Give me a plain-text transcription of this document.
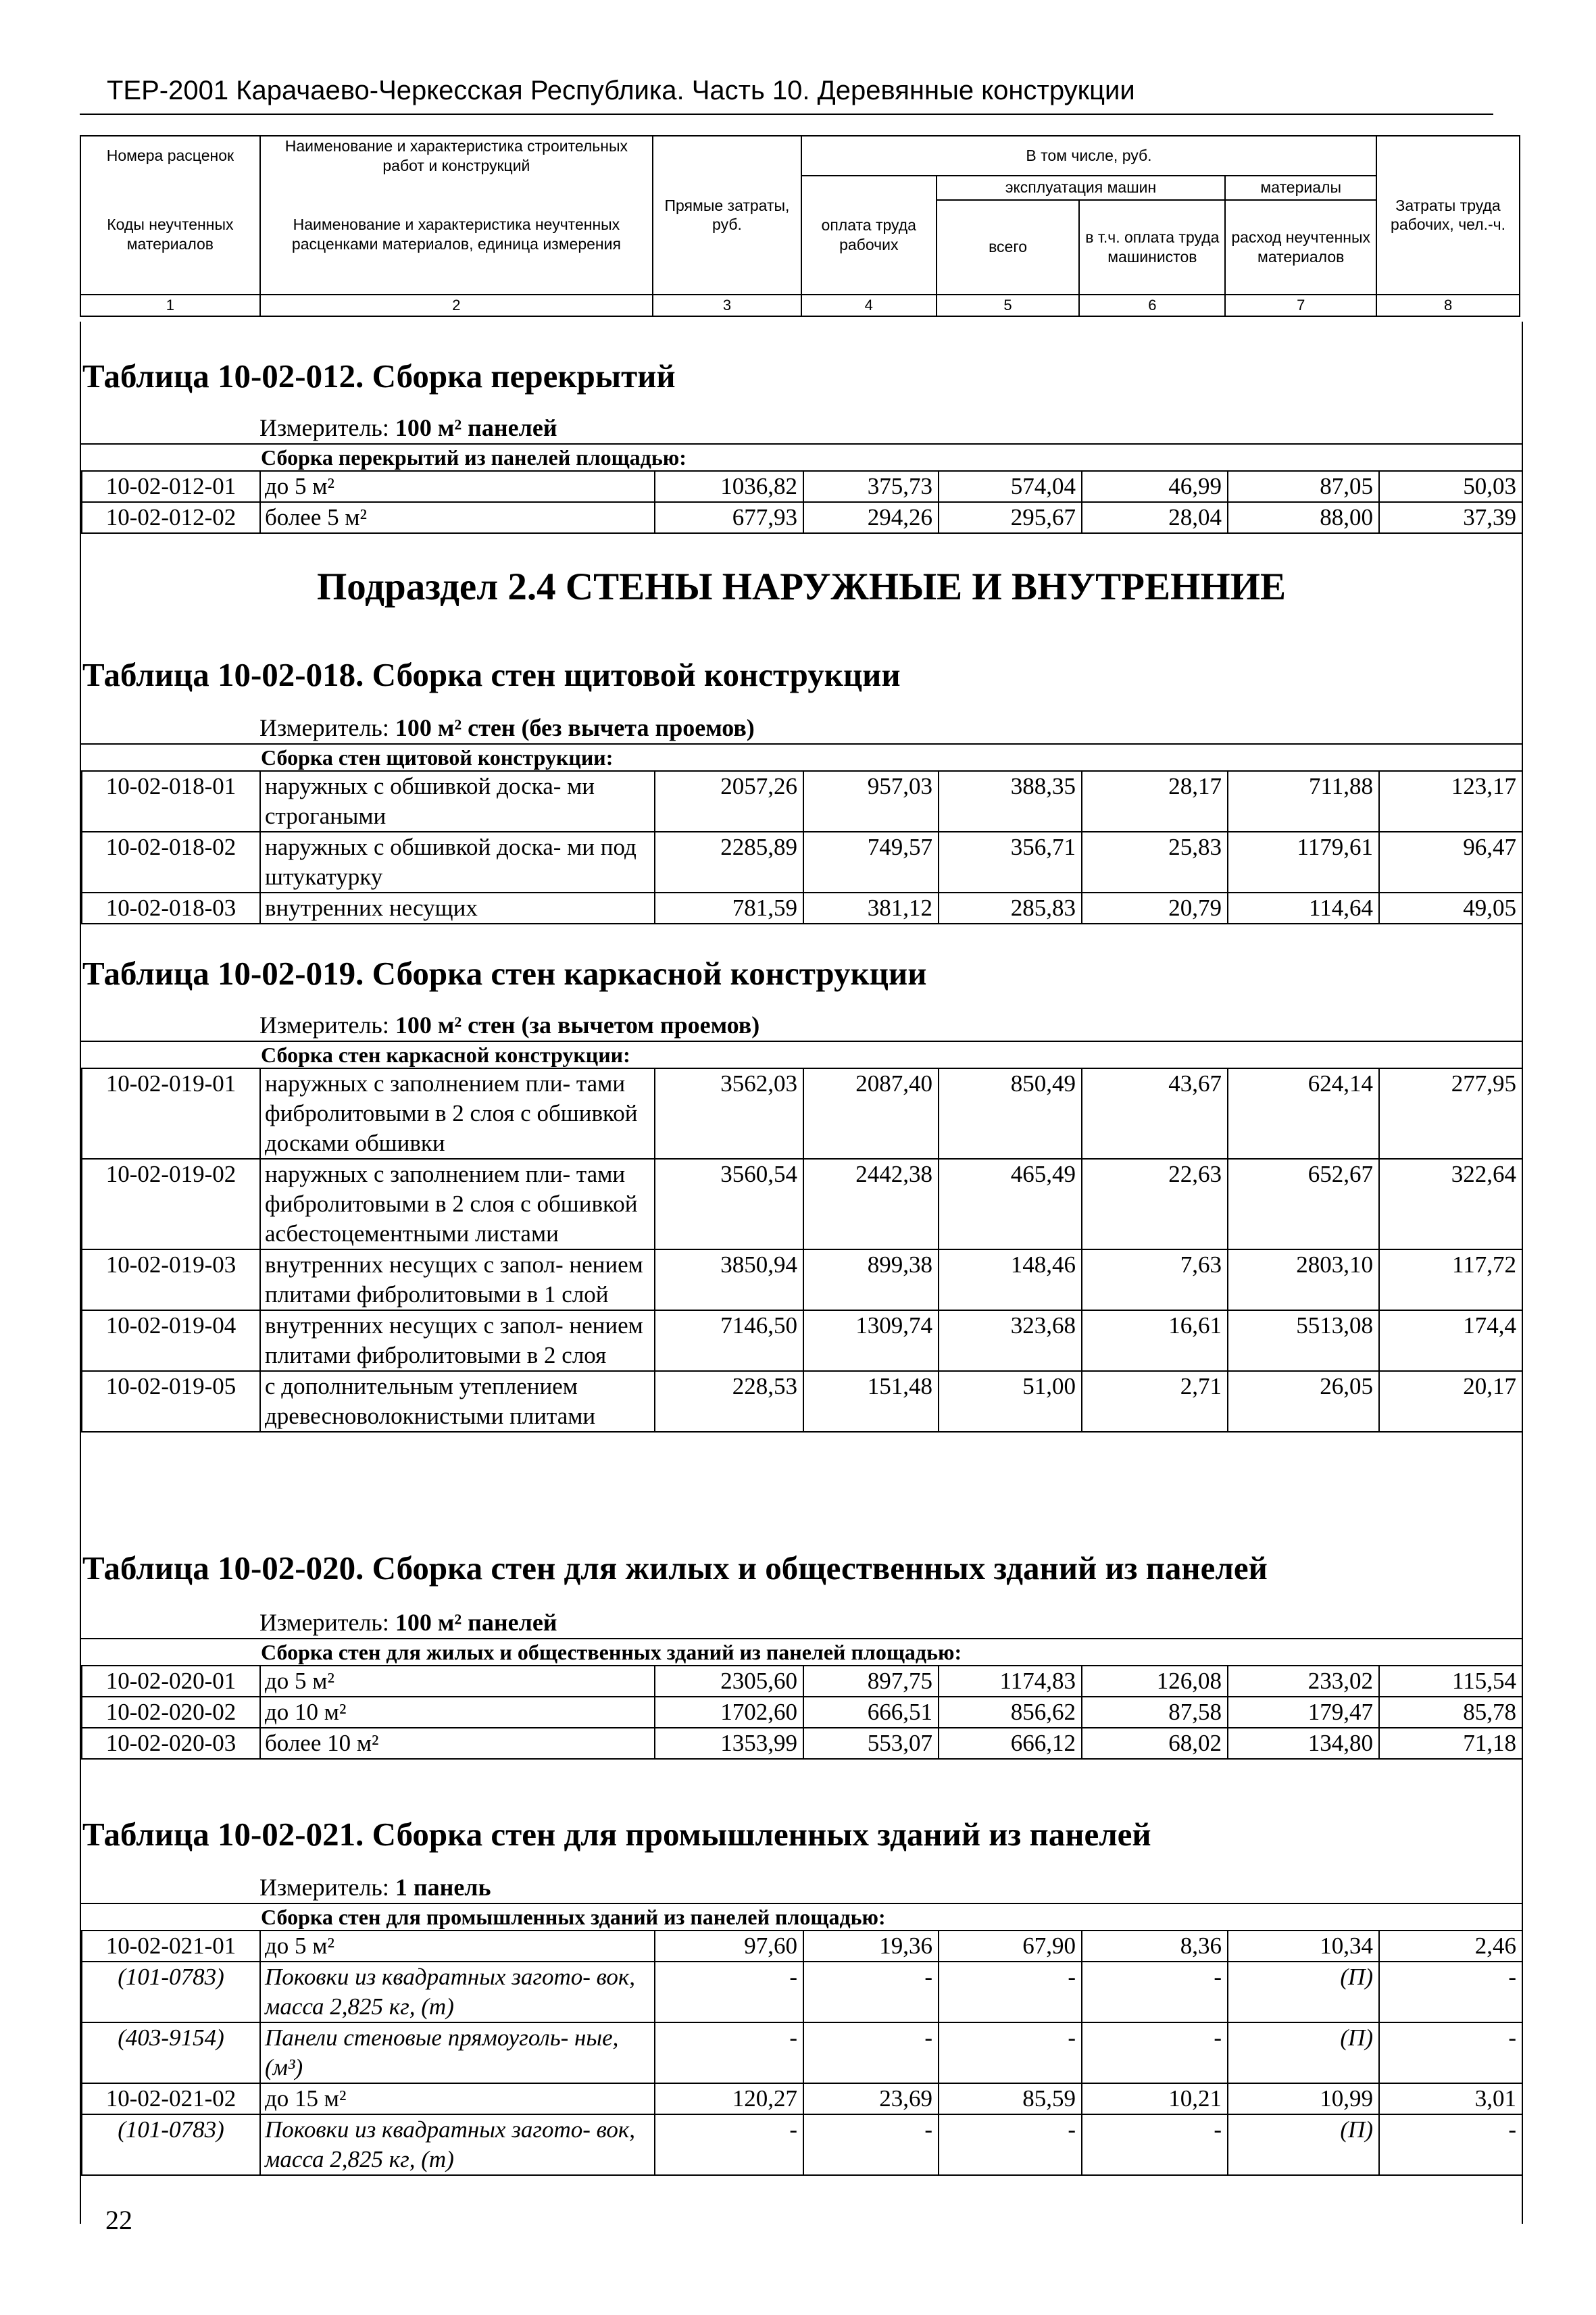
ТЕР-2001 Карачаево-Черкесская Республика. Часть 10. Деревянные конструкции
Номера расценок	Наименование и характеристика строительных работ и конструкций	Прямые затраты, руб.	В том числе, руб.				Затраты труда рабочих, чел.-ч.
Коды неучтенных материалов	Наименование и характеристика неучтенных расценками материалов, единица измерения		оплата труда рабочих	эксплуатация машин		материалы	
				всего	в т.ч. оплата труда машинистов	расход неучтенных материалов	
1	2	3	4	5	6	7	8
Таблица 10-02-012. Сборка перекрытий
Измеритель: 100 м² панелей
Сборка перекрытий из панелей площадью:
10-02-012-01	до 5 м²	1036,82	375,73	574,04	46,99	87,05	50,03
10-02-012-02	более 5 м²	677,93	294,26	295,67	28,04	88,00	37,39
Подраздел 2.4 СТЕНЫ НАРУЖНЫЕ И ВНУТРЕННИЕ
Таблица 10-02-018. Сборка стен щитовой конструкции
Измеритель: 100 м² стен (без вычета проемов)
Сборка стен щитовой конструкции:
10-02-018-01	наружных с обшивкой доска- ми строгаными	2057,26	957,03	388,35	28,17	711,88	123,17
10-02-018-02	наружных с обшивкой доска- ми под штукатурку	2285,89	749,57	356,71	25,83	1179,61	96,47
10-02-018-03	внутренних несущих	781,59	381,12	285,83	20,79	114,64	49,05
Таблица 10-02-019. Сборка стен каркасной конструкции
Измеритель: 100 м² стен (за вычетом проемов)
Сборка стен каркасной конструкции:
10-02-019-01	наружных с заполнением пли- тами фибролитовыми в 2 слоя с обшивкой досками обшивки	3562,03	2087,40	850,49	43,67	624,14	277,95
10-02-019-02	наружных с заполнением пли- тами фибролитовыми в 2 слоя с обшивкой асбестоцементными листами	3560,54	2442,38	465,49	22,63	652,67	322,64
10-02-019-03	внутренних несущих с запол- нением плитами фибролитовыми в 1 слой	3850,94	899,38	148,46	7,63	2803,10	117,72
10-02-019-04	внутренних несущих с запол- нением плитами фибролитовыми в 2 слоя	7146,50	1309,74	323,68	16,61	5513,08	174,4
10-02-019-05	с дополнительным утеплением древесноволокнистыми плитами	228,53	151,48	51,00	2,71	26,05	20,17
Таблица 10-02-020. Сборка стен для жилых и общественных зданий из панелей
Измеритель: 100 м² панелей
Сборка стен для жилых и общественных зданий из панелей площадью:
10-02-020-01	до 5 м²	2305,60	897,75	1174,83	126,08	233,02	115,54
10-02-020-02	до 10 м²	1702,60	666,51	856,62	87,58	179,47	85,78
10-02-020-03	более 10 м²	1353,99	553,07	666,12	68,02	134,80	71,18
Таблица 10-02-021. Сборка стен для промышленных зданий из панелей
Измеритель: 1 панель
Сборка стен для промышленных зданий из панелей площадью:
10-02-021-01	до 5 м²	97,60	19,36	67,90	8,36	10,34	2,46
(101-0783)	Поковки из квадратных загото- вок, масса 2,825 кг, (т)	-	-	-	-	(П)	-
(403-9154)	Панели стеновые прямоуголь- ные, (м³)	-	-	-	-	(П)	-
10-02-021-02	до 15 м²	120,27	23,69	85,59	10,21	10,99	3,01
(101-0783)	Поковки из квадратных загото- вок, масса 2,825 кг, (т)	-	-	-	-	(П)	-
22
